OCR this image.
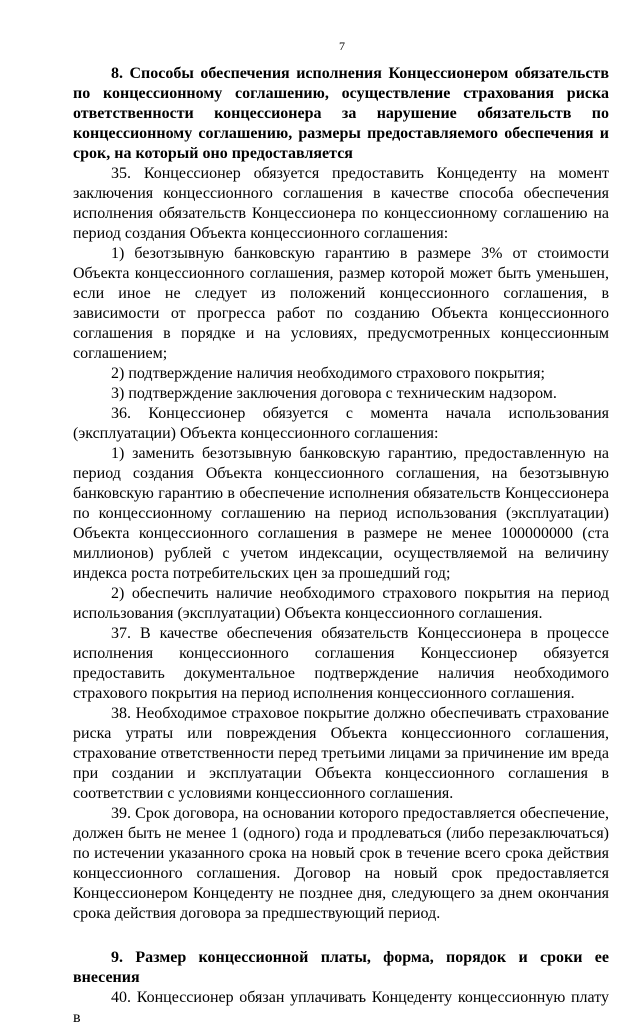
7

8. Способы обеспечения исполнения Концессионером обязательств по концессионному соглашению, осуществление страхования риска ответственности концессионера за нарушение обязательств по концессионному соглашению, размеры предоставляемого обеспечения и срок, на который оно предоставляется

35. Концессионер обязуется предоставить Концеденту на момент заключения концессионного соглашения в качестве способа обеспечения исполнения обязательств Концессионера по концессионному соглашению на период создания Объекта концессионного соглашения:

1) безотзывную банковскую гарантию в размере 3% от стоимости Объекта концессионного соглашения, размер которой может быть уменьшен, если иное не следует из положений концессионного соглашения, в зависимости от прогресса работ по созданию Объекта концессионного соглашения в порядке и на условиях, предусмотренных концессионным соглашением;

2) подтверждение наличия необходимого страхового покрытия;

3) подтверждение заключения договора с техническим надзором.

36. Концессионер обязуется с момента начала использования (эксплуатации) Объекта концессионного соглашения:

1) заменить безотзывную банковскую гарантию, предоставленную на период создания Объекта концессионного соглашения, на безотзывную банковскую гарантию в обеспечение исполнения обязательств Концессионера по концессионному соглашению на период использования (эксплуатации) Объекта концессионного соглашения в размере не менее 100000000 (ста миллионов) рублей с учетом индексации, осуществляемой на величину индекса роста потребительских цен за прошедший год;

2) обеспечить наличие необходимого страхового покрытия на период использования (эксплуатации) Объекта концессионного соглашения.

37. В качестве обеспечения обязательств Концессионера в процессе исполнения концессионного соглашения Концессионер обязуется предоставить документальное подтверждение наличия необходимого страхового покрытия на период исполнения концессионного соглашения.

38. Необходимое страховое покрытие должно обеспечивать страхование риска утраты или повреждения Объекта концессионного соглашения, страхование ответственности перед третьими лицами за причинение им вреда при создании и эксплуатации Объекта концессионного соглашения в соответствии с условиями концессионного соглашения.

39. Срок договора, на основании которого предоставляется обеспечение, должен быть не менее 1 (одного) года и продлеваться (либо перезаключаться) по истечении указанного срока на новый срок в течение всего срока действия концессионного соглашения. Договор на новый срок предоставляется Концессионером Концеденту не позднее дня, следующего за днем окончания срока действия договора за предшествующий период.

9. Размер концессионной платы, форма, порядок и сроки ее внесения

40. Концессионер обязан уплачивать Концеденту концессионную плату в
